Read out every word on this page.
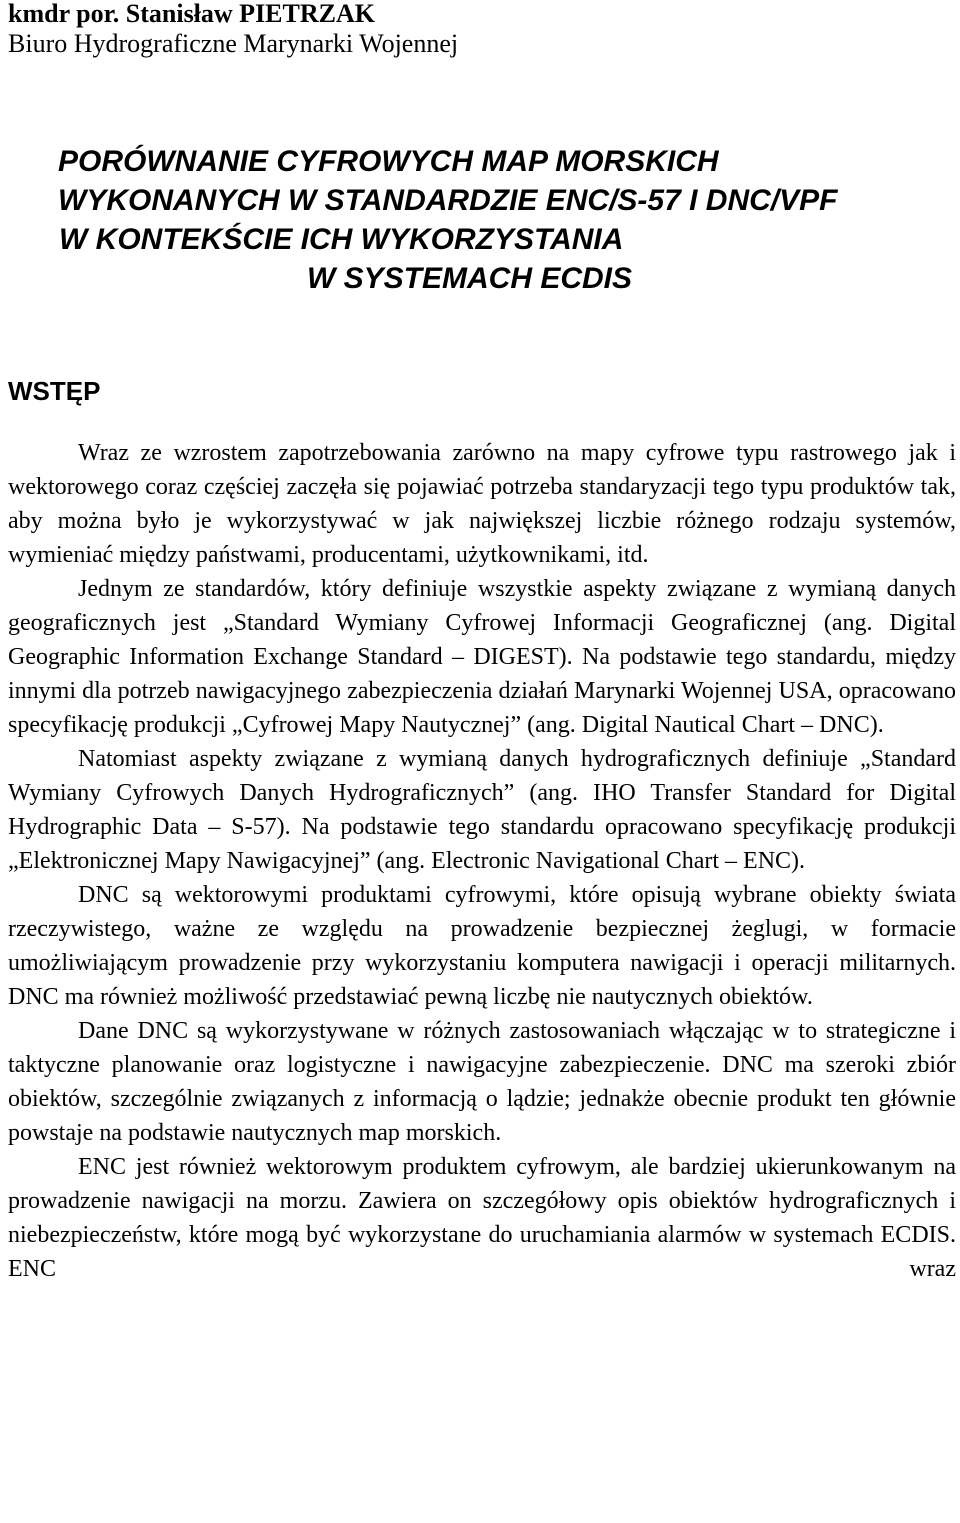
kmdr por. Stanisław PIETRZAK
Biuro Hydrograficzne Marynarki Wojennej
PORÓWNANIE CYFROWYCH MAP MORSKICH
WYKONANYCH W STANDARDZIE ENC/S-57 I DNC/VPF
W KONTEKŚCIE ICH WYKORZYSTANIA
W SYSTEMACH ECDIS
WSTĘP

Wraz ze wzrostem zapotrzebowania zarówno na mapy cyfrowe typu rastrowego jak i wektorowego coraz częściej zaczęła się pojawiać potrzeba standaryzacji tego typu produktów tak, aby można było je wykorzystywać w jak największej liczbie różnego rodzaju systemów, wymieniać między państwami, producentami, użytkownikami, itd.

Jednym ze standardów, który definiuje wszystkie aspekty związane z wymianą danych geograficznych jest „Standard Wymiany Cyfrowej Informacji Geograficznej (ang. Digital Geographic Information Exchange Standard – DIGEST). Na podstawie tego standardu, między innymi dla potrzeb nawigacyjnego zabezpieczenia działań Marynarki Wojennej USA, opracowano specyfikację produkcji „Cyfrowej Mapy Nautycznej” (ang. Digital Nautical Chart – DNC).

Natomiast aspekty związane z wymianą danych hydrograficznych definiuje „Standard Wymiany Cyfrowych Danych Hydrograficznych” (ang. IHO Transfer Standard for Digital Hydrographic Data – S-57). Na podstawie tego standardu opracowano specyfikację produkcji „Elektronicznej Mapy Nawigacyjnej” (ang. Electronic Navigational Chart – ENC).

DNC są wektorowymi produktami cyfrowymi, które opisują wybrane obiekty świata rzeczywistego, ważne ze względu na prowadzenie bezpiecznej żeglugi, w formacie umożliwiającym prowadzenie przy wykorzystaniu komputera nawigacji i operacji militarnych. DNC ma również możliwość przedstawiać pewną liczbę nie nautycznych obiektów.

Dane DNC są wykorzystywane w różnych zastosowaniach włączając w to strategiczne i taktyczne planowanie oraz logistyczne i nawigacyjne zabezpieczenie. DNC ma szeroki zbiór obiektów, szczególnie związanych z informacją o lądzie; jednakże obecnie produkt ten głównie powstaje na podstawie nautycznych map morskich.

ENC jest również wektorowym produktem cyfrowym, ale bardziej ukierunkowanym na prowadzenie nawigacji na morzu. Zawiera on szczegółowy opis obiektów hydrograficznych i niebezpieczeństw, które mogą być wykorzystane do uruchamiania alarmów w systemach ECDIS. ENC wraz
